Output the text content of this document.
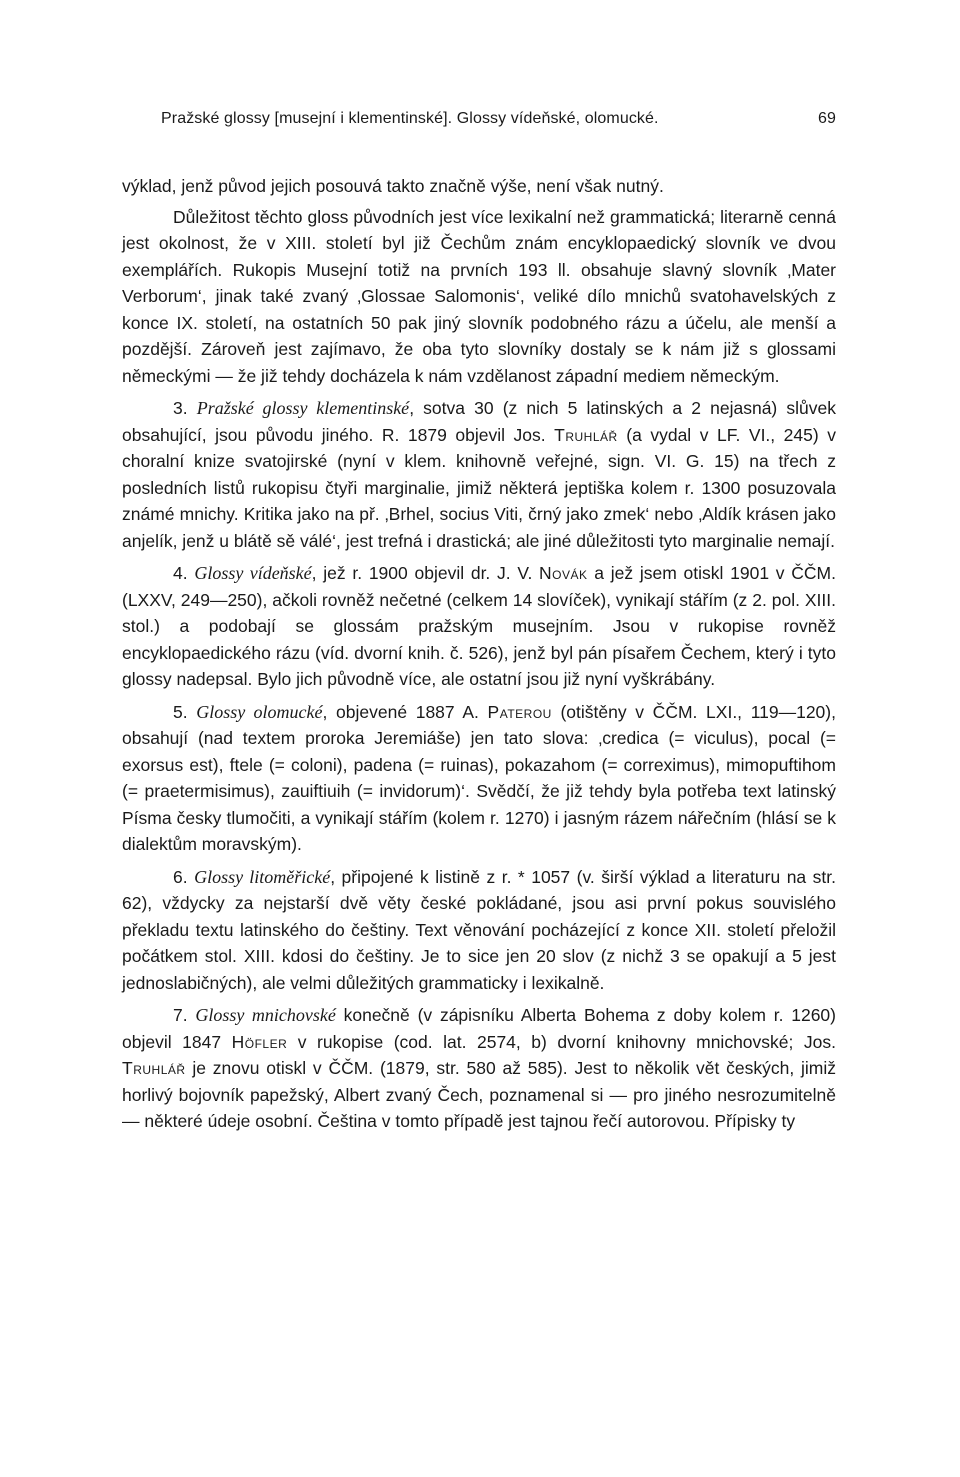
Pražské glossy [musejní i klementinské]. Glossy vídeňské, olomucké.	69

výklad, jenž původ jejich posouvá takto značně výše, není však nutný.

Důležitost těchto gloss původních jest více lexikalní než grammatická; literarně cenná jest okolnost, že v XIII. století byl již Čechům znám encyklopaedický slovník ve dvou exemplářích. Rukopis Musejní totiž na prvních 193 ll. obsahuje slavný slovník ‚Mater Verborum‘, jinak také zvaný ‚Glossae Salomonis‘, veliké dílo mnichů svatohavelských z konce IX. století, na ostatních 50 pak jiný slovník podobného rázu a účelu, ale menší a pozdější. Zároveň jest zajímavo, že oba tyto slovníky dostaly se k nám již s glossami německými — že již tehdy docházela k nám vzdělanost západní mediem německým.

3. Pražské glossy klementinské, sotva 30 (z nich 5 latinských a 2 nejasná) slůvek obsahující, jsou původu jiného. R. 1879 objevil Jos. Truhlář (a vydal v LF. VI., 245) v choralní knize svatojirské (nyní v klem. knihovně veřejné, sign. VI. G. 15) na třech z posledních listů rukopisu čtyři marginalie, jimiž některá jeptiška kolem r. 1300 posuzovala známé mnichy. Kritika jako na př. ‚Brhel, socius Viti, črný jako zmek‘ nebo ‚Aldík krásen jako anjelík, jenž u blátě sě válé‘, jest trefná i drastická; ale jiné důležitosti tyto marginalie nemají.

4. Glossy vídeňské, jež r. 1900 objevil dr. J. V. Novák a jež jsem otiskl 1901 v ČČM. (LXXV, 249—250), ačkoli rovněž nečetné (celkem 14 slovíček), vynikají stářím (z 2. pol. XIII. stol.) a podobají se glossám pražským musejním. Jsou v rukopise rovněž encyklopaedického rázu (víd. dvorní knih. č. 526), jenž byl pán písařem Čechem, který i tyto glossy nadepsal. Bylo jich původně více, ale ostatní jsou již nyní vyškrábány.

5. Glossy olomucké, objevené 1887 A. Paterou (otištěny v ČČM. LXI., 119—120), obsahují (nad textem proroka Jeremiáše) jen tato slova: ‚credica (= viculus), pocal (= exorsus est), ftele (= coloni), padena (= ruinas), pokazahom (= correximus), mimopuftihom (= praetermisimus), zauiftiuih (= invidorum)‘. Svědčí, že již tehdy byla potřeba text latinský Písma česky tlumočiti, a vynikají stářím (kolem r. 1270) i jasným rázem nářečním (hlásí se k dialektům moravským).

6. Glossy litoměřické, připojené k listině z r. * 1057 (v. širší výklad a literaturu na str. 62), vždycky za nejstarší dvě věty české pokládané, jsou asi první pokus souvislého překladu textu latinského do češtiny. Text věnování pocházející z konce XII. století přeložil počátkem stol. XIII. kdosi do češtiny. Je to sice jen 20 slov (z nichž 3 se opakují a 5 jest jednoslabičných), ale velmi důležitých grammaticky i lexikalně.

7. Glossy mnichovské konečně (v zápisníku Alberta Bohema z doby kolem r. 1260) objevil 1847 Höfler v rukopise (cod. lat. 2574, b) dvorní knihovny mnichovské; Jos. Truhlář je znovu otiskl v ČČM. (1879, str. 580 až 585). Jest to několik vět českých, jimiž horlivý bojovník papežský, Albert zvaný Čech, poznamenal si — pro jiného nesrozumitelně — některé údeje osobní. Čeština v tomto případě jest tajnou řečí autorovou. Přípisky ty
